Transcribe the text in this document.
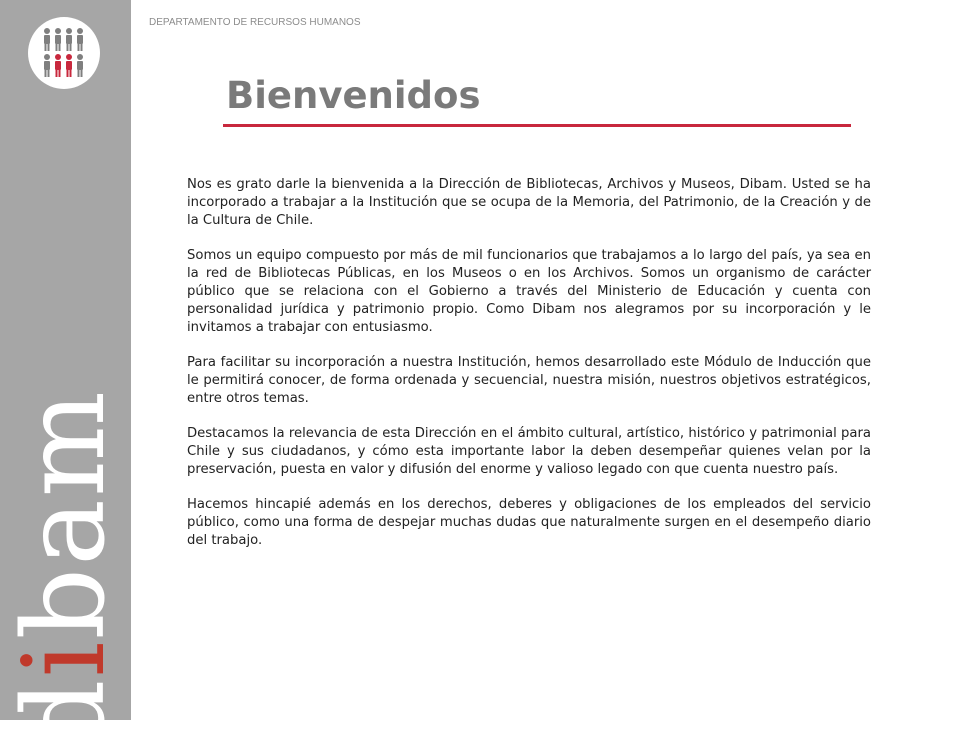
dibam
DEPARTAMENTO DE RECURSOS HUMANOS
Bienvenidos

Nos es grato darle la bienvenida a la Dirección de Bibliotecas, Archivos y Museos, Dibam. Usted se ha incorporado a trabajar a la Institución que se ocupa de la Memoria, del Patrimonio, de la Creación y de la Cultura de Chile.

Somos un equipo compuesto por más de mil funcionarios que trabajamos a lo largo del país, ya sea en la red de Bibliotecas Públicas, en los Museos o en los Archivos. Somos un organismo de carácter público que se relaciona con el Gobierno a través del Ministerio de Educación y cuenta con personalidad jurídica y patrimonio propio. Como Dibam nos alegramos por su incorporación y le invitamos a trabajar con entusiasmo.

Para facilitar su incorporación a nuestra Institución, hemos desarrollado este Módulo de Inducción que le permitirá conocer, de forma ordenada y secuencial, nuestra misión, nuestros objetivos estratégicos, entre otros temas.

Destacamos la relevancia de esta Dirección en el ámbito cultural, artístico, histórico y patrimonial para Chile y sus ciudadanos, y cómo esta importante labor la deben desempeñar quienes velan por la preservación, puesta en valor y difusión del enorme y valioso legado con que cuenta nuestro país.

Hacemos hincapié además en los derechos, deberes y obligaciones de los empleados del servicio público, como una forma de despejar muchas dudas que naturalmente surgen en el desempeño diario del trabajo.
